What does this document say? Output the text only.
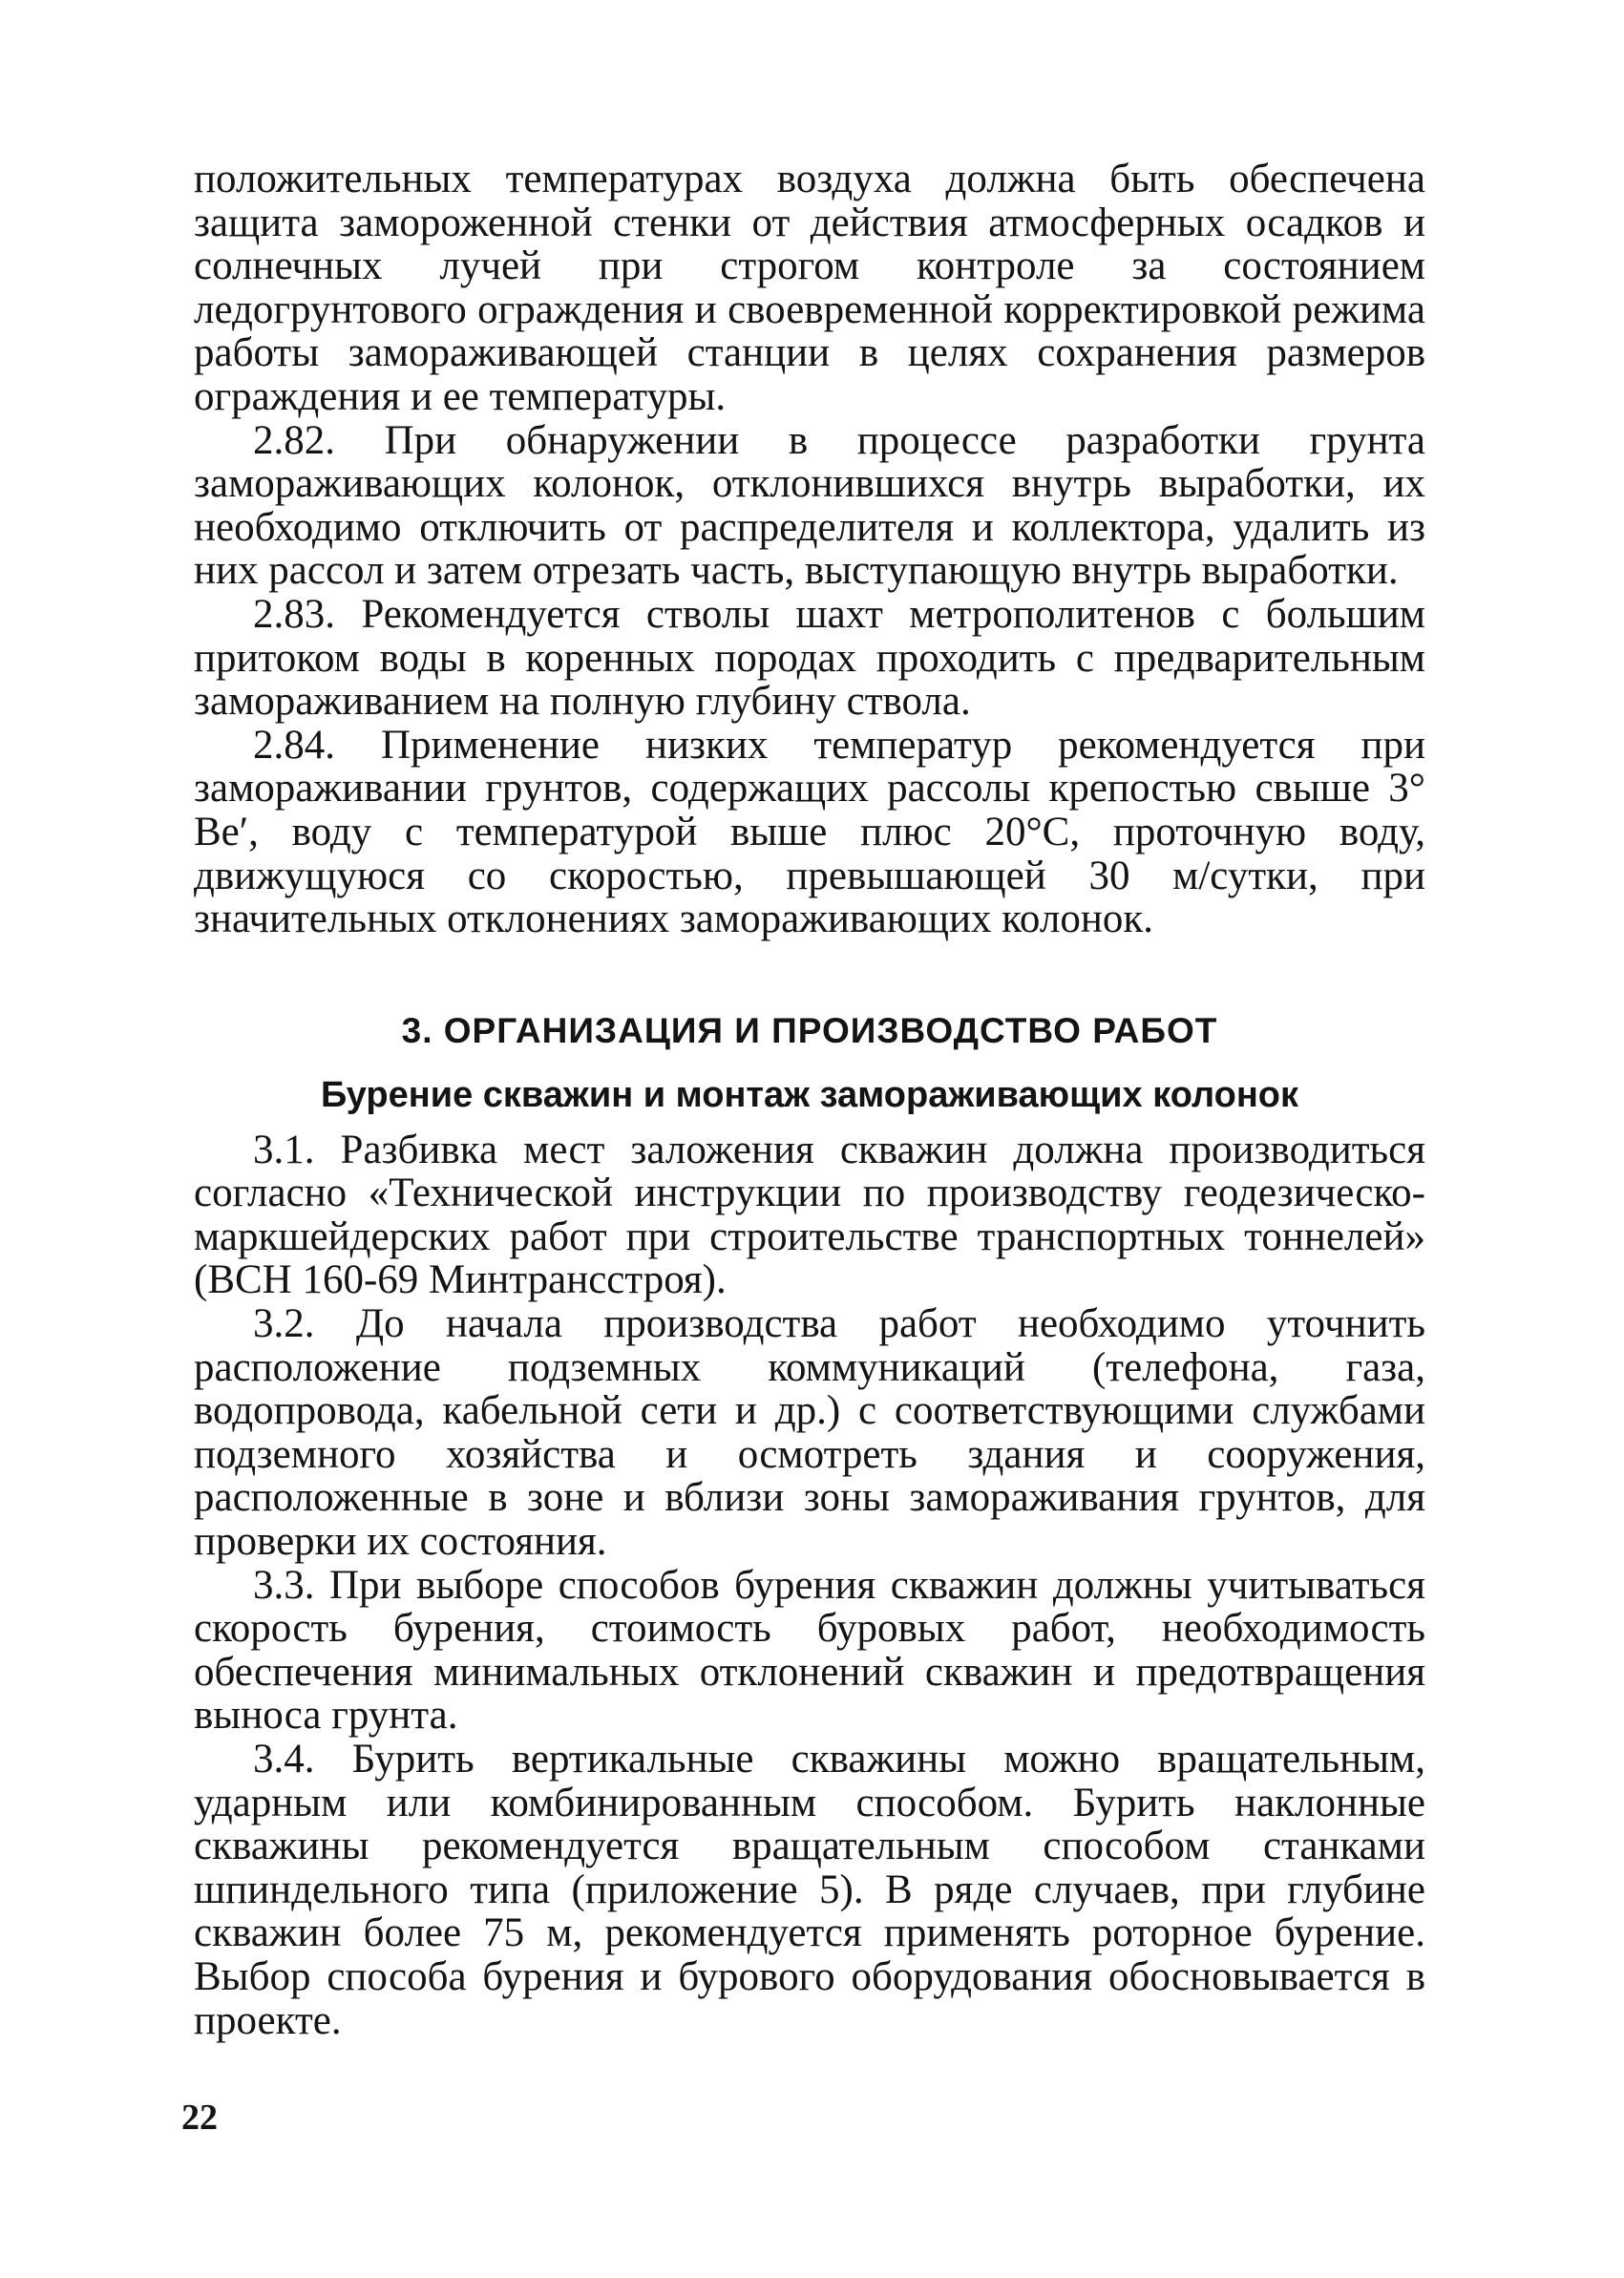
положительных температурах воздуха должна быть обеспечена защита замороженной стенки от действия атмосферных осадков и солнечных лучей при строгом контроле за состоянием ледогрунтового ограждения и своевременной корректировкой режима работы замораживающей станции в целях сохранения размеров ограждения и ее температуры.

2.82. При обнаружении в процессе разработки грунта замораживающих колонок, отклонившихся внутрь выработки, их необходимо отключить от распределителя и коллектора, удалить из них рассол и затем отрезать часть, выступающую внутрь выработки.

2.83. Рекомендуется стволы шахт метрополитенов с большим притоком воды в коренных породах проходить с предварительным замораживанием на полную глубину ствола.

2.84. Применение низких температур рекомендуется при замораживании грунтов, содержащих рассолы крепостью свыше 3° Be′, воду с температурой выше плюс 20°С, проточную воду, движущуюся со скоростью, превышающей 30 м/сутки, при значительных отклонениях замораживающих колонок.

3. ОРГАНИЗАЦИЯ И ПРОИЗВОДСТВО РАБОТ
Бурение скважин и монтаж замораживающих колонок

3.1. Разбивка мест заложения скважин должна производиться согласно «Технической инструкции по производству геодезическо-маркшейдерских работ при строительстве транспортных тоннелей» (ВСН 160-69 Минтрансстроя).

3.2. До начала производства работ необходимо уточнить расположение подземных коммуникаций (телефона, газа, водопровода, кабельной сети и др.) с соответствующими службами подземного хозяйства и осмотреть здания и сооружения, расположенные в зоне и вблизи зоны замораживания грунтов, для проверки их состояния.

3.3. При выборе способов бурения скважин должны учитываться скорость бурения, стоимость буровых работ, необходимость обеспечения минимальных отклонений скважин и предотвращения выноса грунта.

3.4. Бурить вертикальные скважины можно вращательным, ударным или комбинированным способом. Бурить наклонные скважины рекомендуется вращательным способом станками шпиндельного типа (приложение 5). В ряде случаев, при глубине скважин более 75 м, рекомендуется применять роторное бурение. Выбор способа бурения и бурового оборудования обосновывается в проекте.

22
